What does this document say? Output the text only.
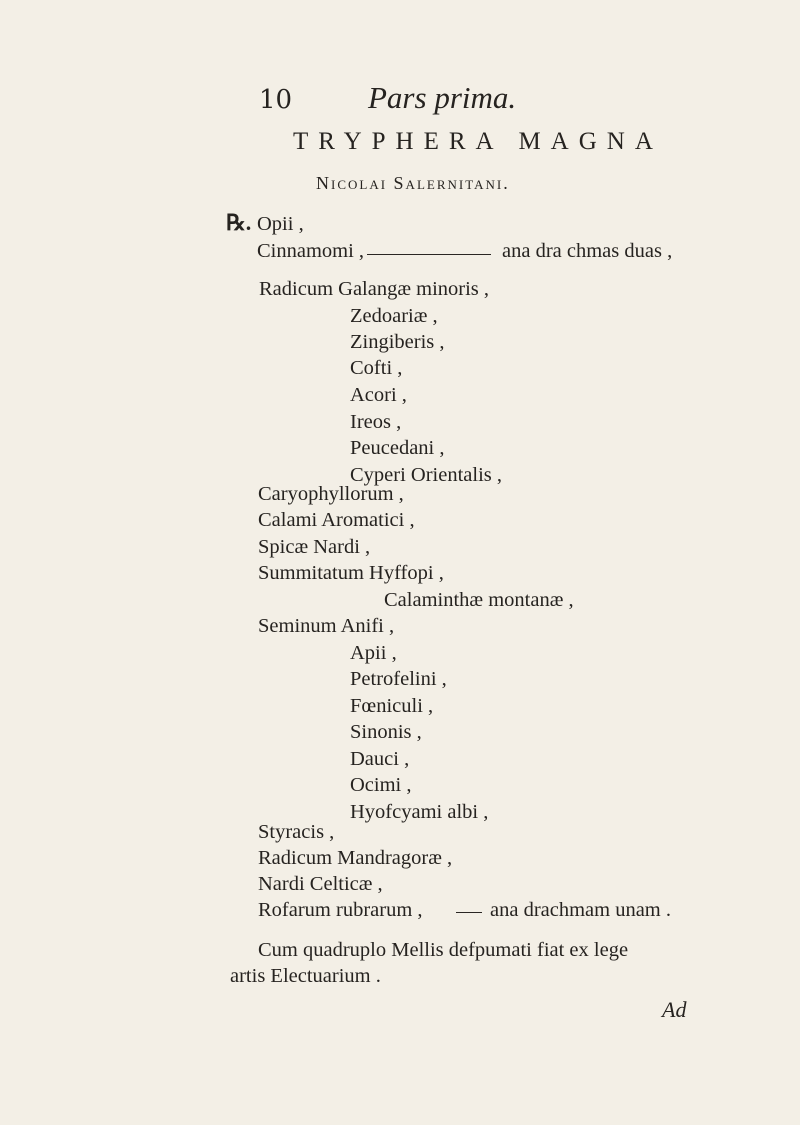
10 Pars prima.
TRYPHERA MAGNA
Nicolai Salernitani.
℞. Opii ,
Cinnamomi ,	ana dra chmas duas ,
Radicum Galangæ minoris ,
Zedoariæ ,
Zingiberis ,
Cofti ,
Acori ,
Ireos ,
Peucedani ,
Cyperi Orientalis ,
Caryophyllorum ,
Calami Aromatici ,
Spicæ Nardi ,
Summitatum Hyffopi ,
Calaminthæ montanæ ,
Seminum Anifi ,
Apii ,
Petrofelini ,
Fœniculi ,
Sinonis ,
Dauci ,
Ocimi ,
Hyofcyami albi ,
Styracis ,
Radicum Mandragoræ ,
Nardi Celticæ ,
Rofarum rubrarum ,	ana drachmam unam .
Cum quadruplo Mellis defpumati fiat ex lege
artis Electuarium .
Ad
